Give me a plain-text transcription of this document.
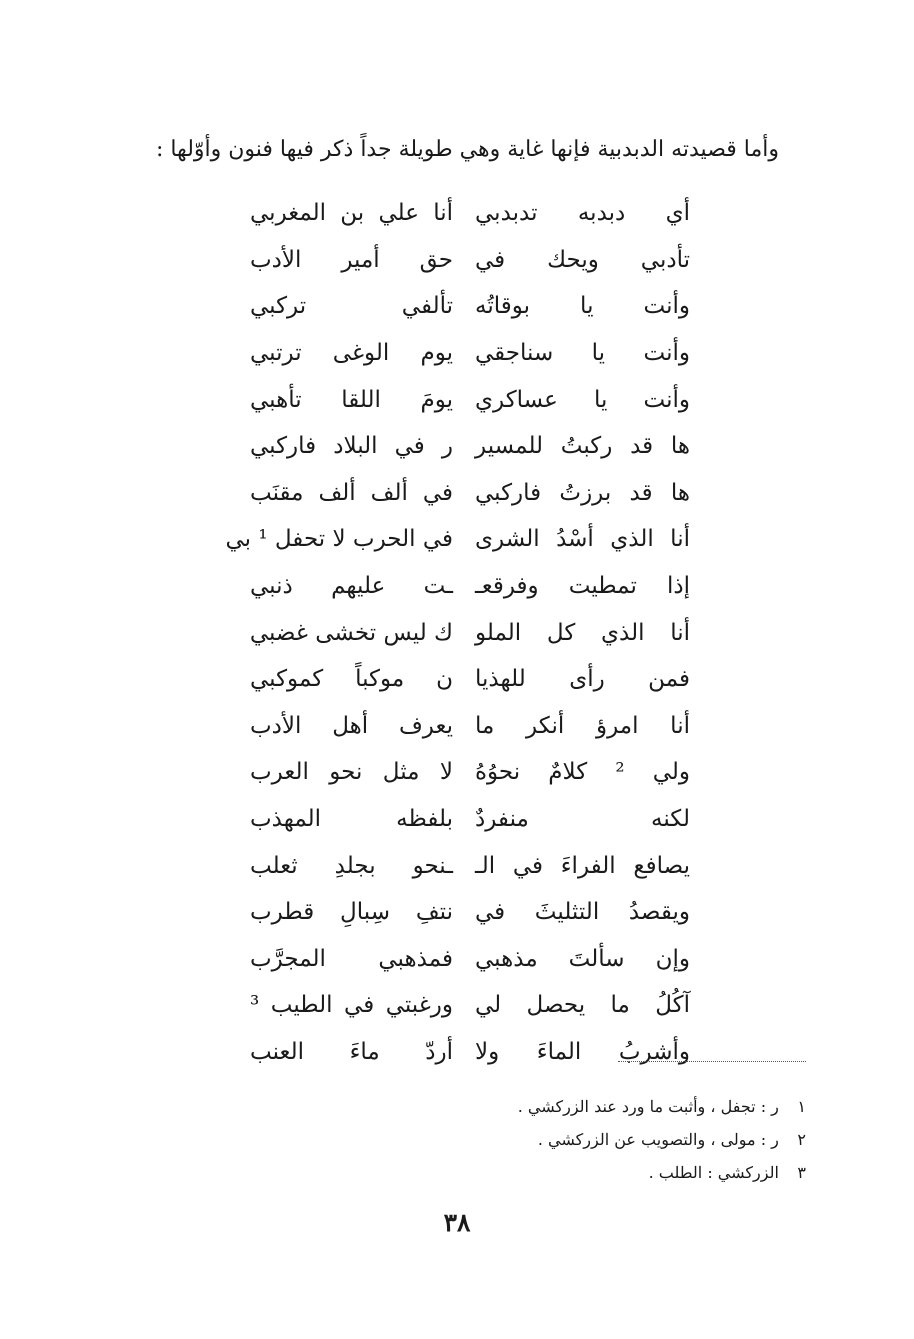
وأما قصيدته الدبدبية فإنها غاية وهي طويلة جداً ذكر فيها فنون وأوّلها :
أي دبدبه تدبدبي
أنا علي بن المغربي
تأدبي ويحك في
حق أمير الأدب
وأنت يا بوقاتُه
تألفي تركبي
وأنت يا سناجقي
يوم الوغى ترتبي
وأنت يا عساكري
يومَ اللقا تأهبي
ها قد ركبتُ للمسير
ر في البلاد فاركبي
ها قد برزتُ فاركبي
في ألف ألف مقنَب
أنا الذي أسْدُ الشرى
في الحرب لا تحفل ¹ بي
إذا تمطيت وفرقعـ
ـت عليهم ذنبي
أنا الذي كل الملو
ك ليس تخشى غضبي
فمن رأى للهذيا
ن موكباً كموكبي
أنا امرؤ أنكر ما
يعرف أهل الأدب
ولي ² كلامٌ نحوُهُ
لا مثل نحو العرب
لكنه منفردٌ
بلفظه المهذب
يصافع الفراءَ في الـ
ـنحو بجلدِ ثعلب
ويقصدُ التثليثَ في
نتفِ سِبالِ قطرب
وإن سألتَ مذهبي
فمذهبي المجرَّب
آكُلُ ما يحصل لي
ورغبتي في الطيب ³
وأشربُ الماءَ ولا
أردّ ماءَ العنب
١ ر : تجفل ، وأثبت ما ورد عند الزركشي .
٢ ر : مولى ، والتصويب عن الزركشي .
٣ الزركشي : الطلب .
٣٨
